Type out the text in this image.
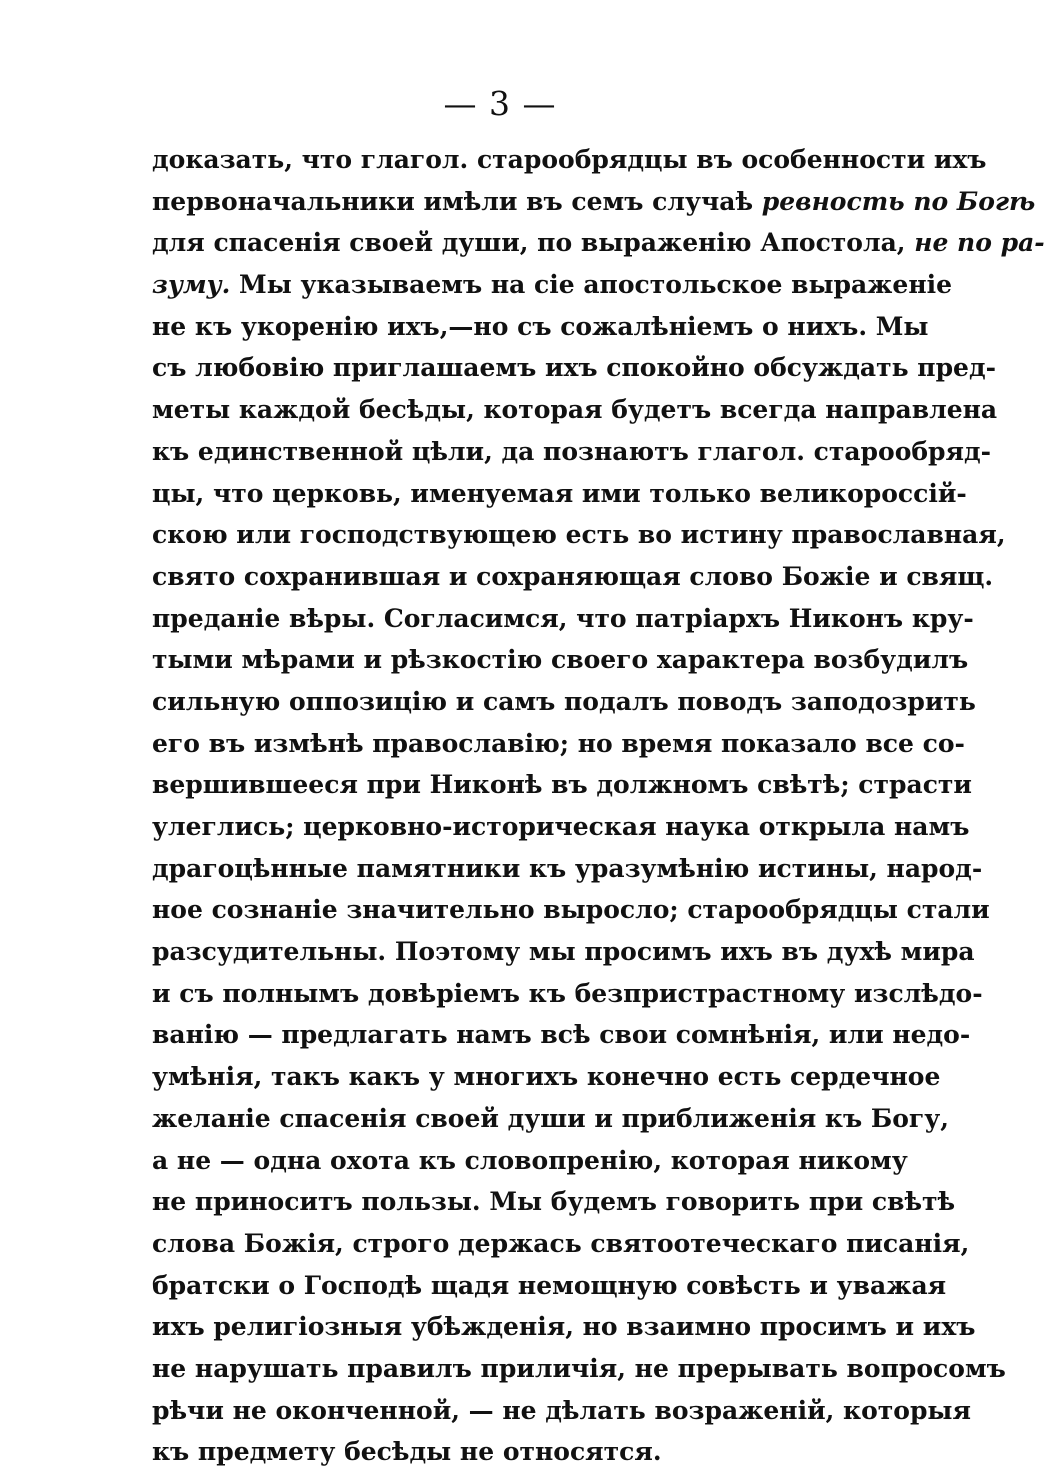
— 3 —
доказать, что глагол. старообрядцы въ особенности ихъ
первоначальники имѣли въ семъ случаѣ ревность по Богѣ
для спасенія своей души, по выраженію Апостола, не по ра-
зуму. Мы указываемъ на сіе апостольское выраженіе
не къ укоренію ихъ,—но съ сожалѣніемъ о нихъ. Мы
съ любовію приглашаемъ ихъ спокойно обсуждать пред-
меты каждой бесѣды, которая будетъ всегда направлена
къ единственной цѣли, да познаютъ глагол. старообряд-
цы, что церковь, именуемая ими только великороссій-
скою или господствующею есть во истину православная,
свято сохранившая и сохраняющая слово Божіе и свящ.
преданіе вѣры. Согласимся, что патріархъ Никонъ кру-
тыми мѣрами и рѣзкостію своего характера возбудилъ
сильную оппозицію и самъ подалъ поводъ заподозрить
его въ измѣнѣ православію; но время показало все со-
вершившееся при Никонѣ въ должномъ свѣтѣ; страсти
улеглись; церковно-историческая наука открыла намъ
драгоцѣнные памятники къ уразумѣнію истины, народ-
ное сознаніе значительно выросло; старообрядцы стали
разсудительны. Поэтому мы просимъ ихъ въ духѣ мира
и съ полнымъ довѣріемъ къ безпристрастному изслѣдо-
ванію — предлагать намъ всѣ свои сомнѣнія, или недо-
умѣнія, такъ какъ у многихъ конечно есть сердечное
желаніе спасенія своей души и приближенія къ Богу,
а не — одна охота къ словопренію, которая никому
не приноситъ пользы. Мы будемъ говорить при свѣтѣ
слова Божія, строго держась святоотеческаго писанія,
братски о Господѣ щадя немощную совѣсть и уважая
ихъ религіозныя убѣжденія, но взаимно просимъ и ихъ
не нарушать правилъ приличія, не прерывать вопросомъ
рѣчи не оконченной, — не дѣлать возраженій, которыя
къ предмету бесѣды не относятся.
